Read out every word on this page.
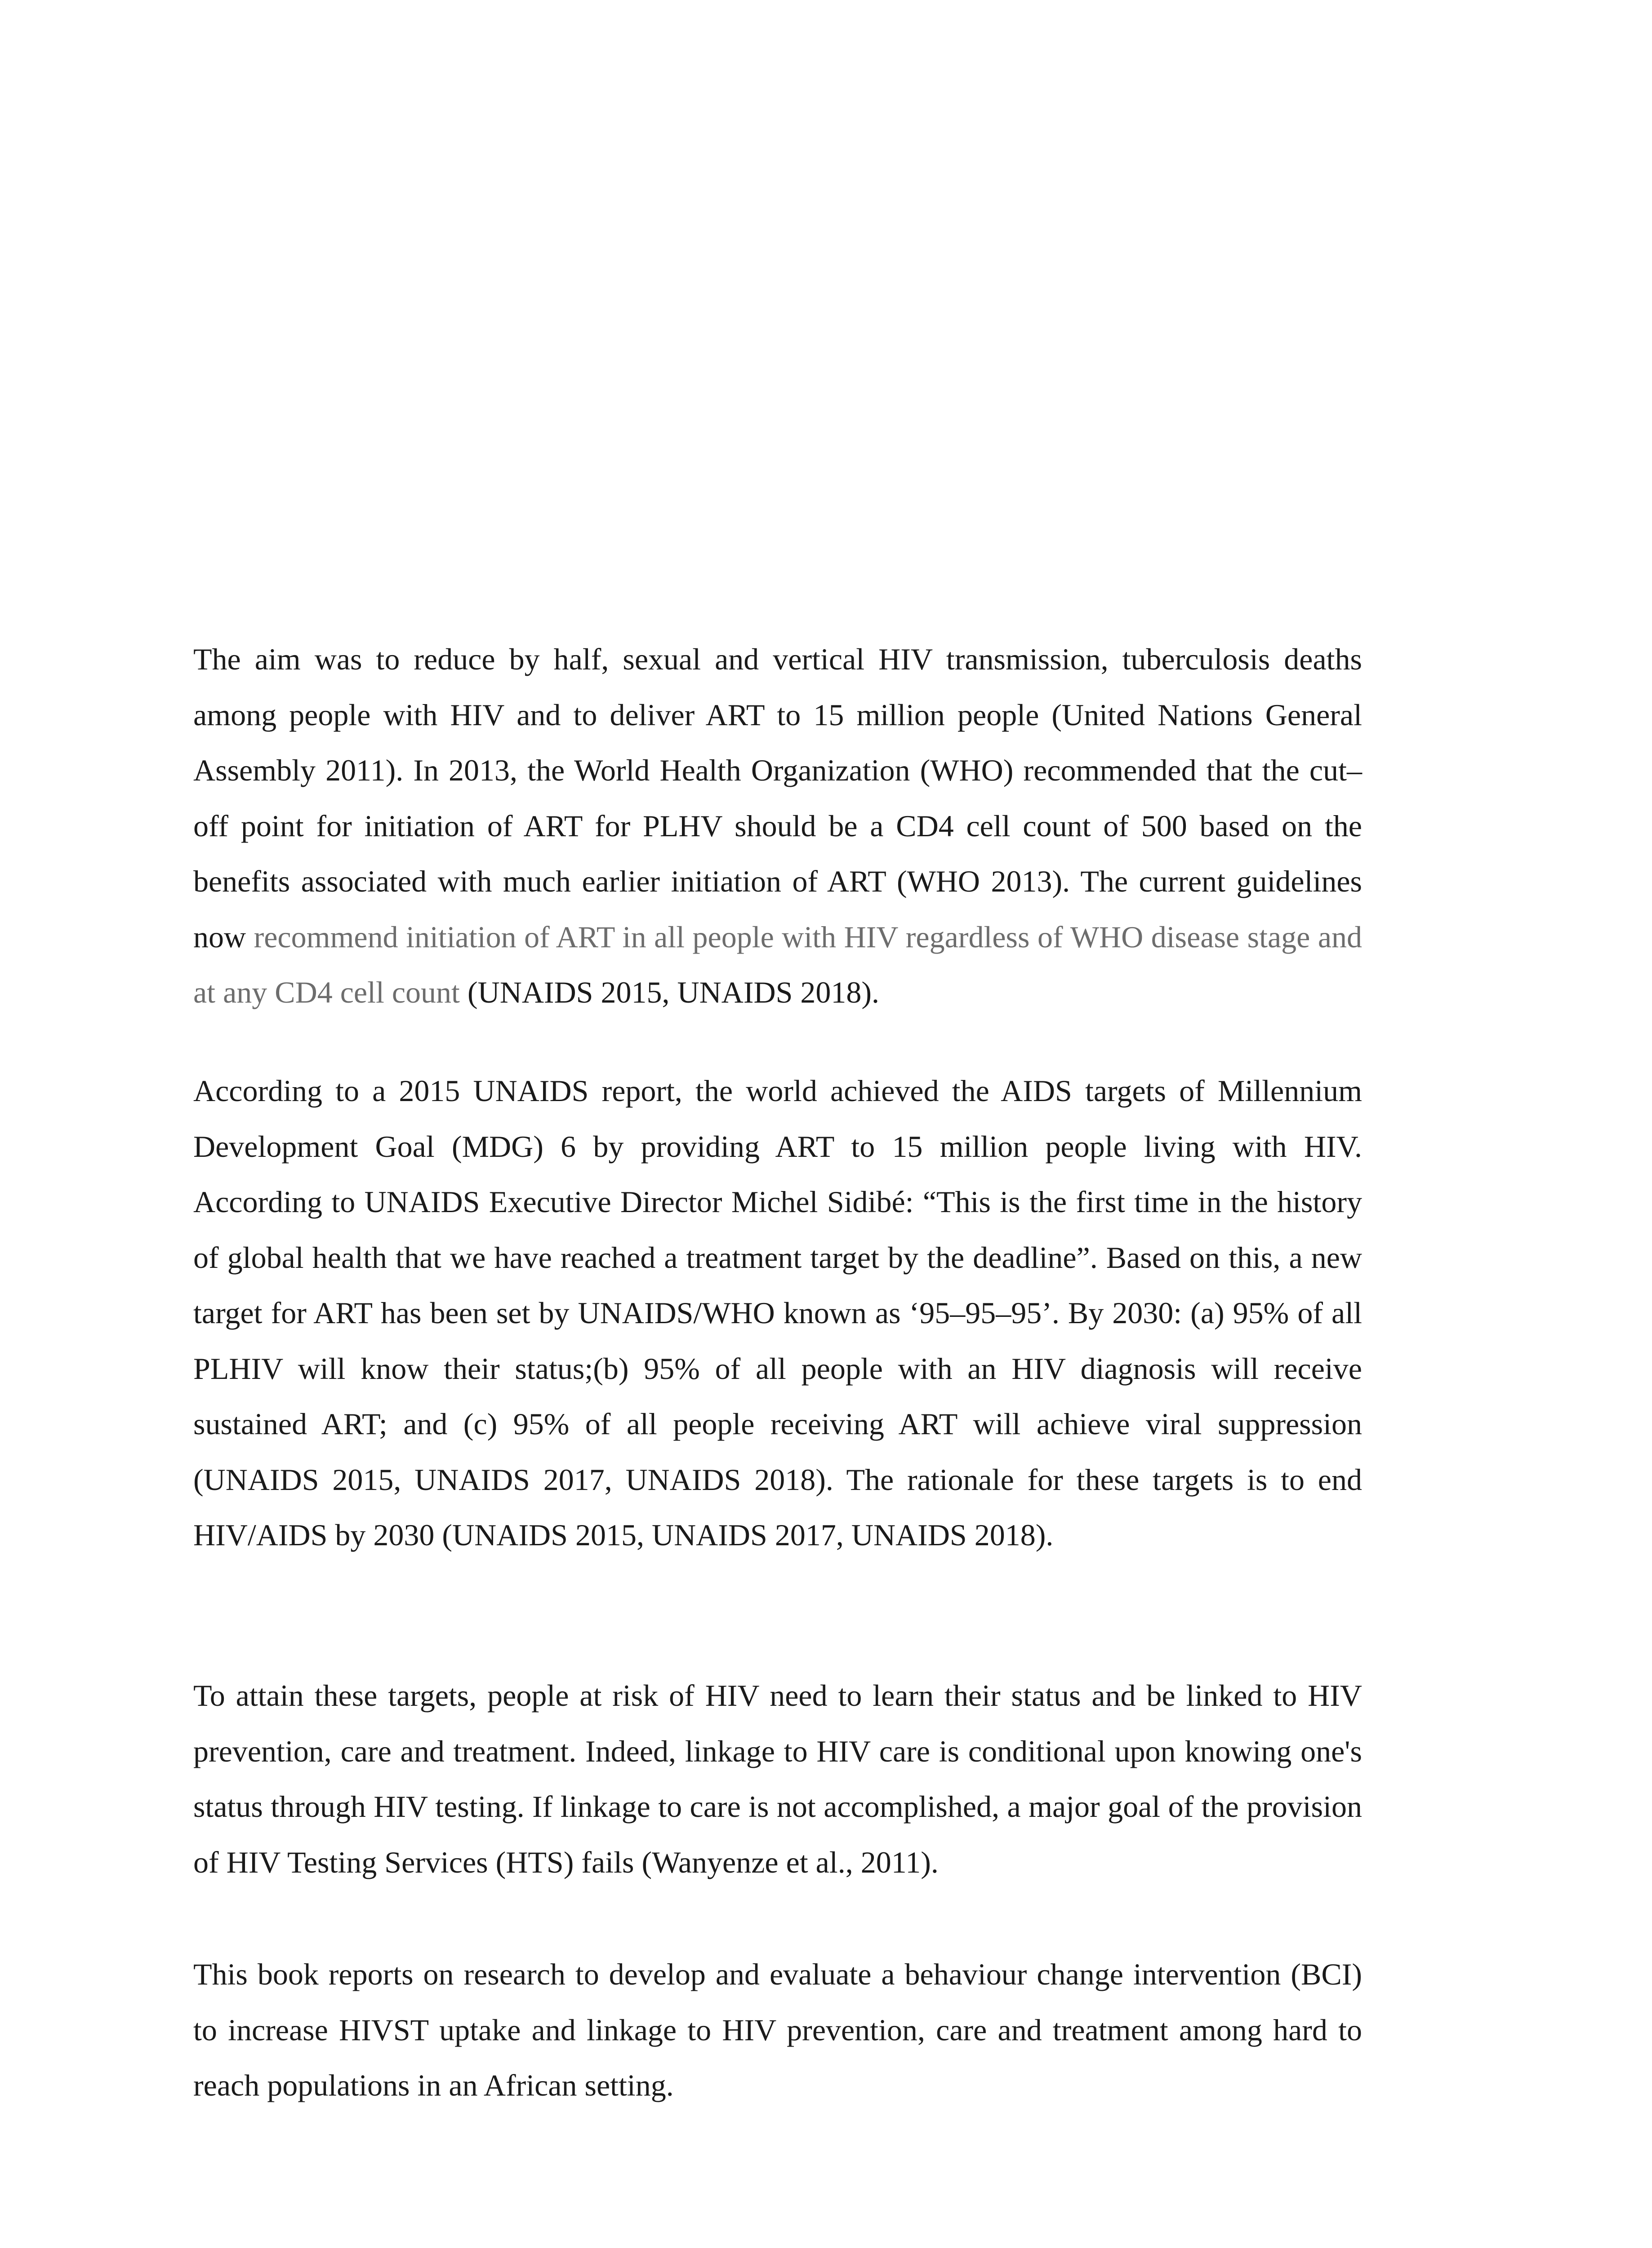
The aim was to reduce by half, sexual and vertical HIV transmission, tuberculosis deaths among people with HIV and to deliver ART to 15 million people (United Nations General Assembly 2011). In 2013, the World Health Organization (WHO) recommended that the cut–off point for initiation of ART for PLHV should be a CD4 cell count of 500 based on the benefits associated with much earlier initiation of ART (WHO 2013). The current guidelines now recommend initiation of ART in all people with HIV regardless of WHO disease stage and at any CD4 cell count (UNAIDS 2015, UNAIDS 2018).

According to a 2015 UNAIDS report, the world achieved the AIDS targets of Millennium Development Goal (MDG) 6 by providing ART to 15 million people living with HIV. According to UNAIDS Executive Director Michel Sidibé: “This is the first time in the history of global health that we have reached a treatment target by the deadline”. Based on this, a new target for ART has been set by UNAIDS/WHO known as ‘95–95–95’. By 2030: (a) 95% of all PLHIV will know their status;(b) 95% of all people with an HIV diagnosis will receive sustained ART; and (c) 95% of all people receiving ART will achieve viral suppression (UNAIDS 2015, UNAIDS 2017, UNAIDS 2018). The rationale for these targets is to end HIV/AIDS by 2030 (UNAIDS 2015, UNAIDS 2017, UNAIDS 2018).

To attain these targets, people at risk of HIV need to learn their status and be linked to HIV prevention, care and treatment. Indeed, linkage to HIV care is conditional upon knowing one's status through HIV testing. If linkage to care is not accomplished, a major goal of the provision of HIV Testing Services (HTS) fails (Wanyenze et al., 2011).

This book reports on research to develop and evaluate a behaviour change intervention (BCI) to increase HIVST uptake and linkage to HIV prevention, care and treatment among hard to reach populations in an African setting.
